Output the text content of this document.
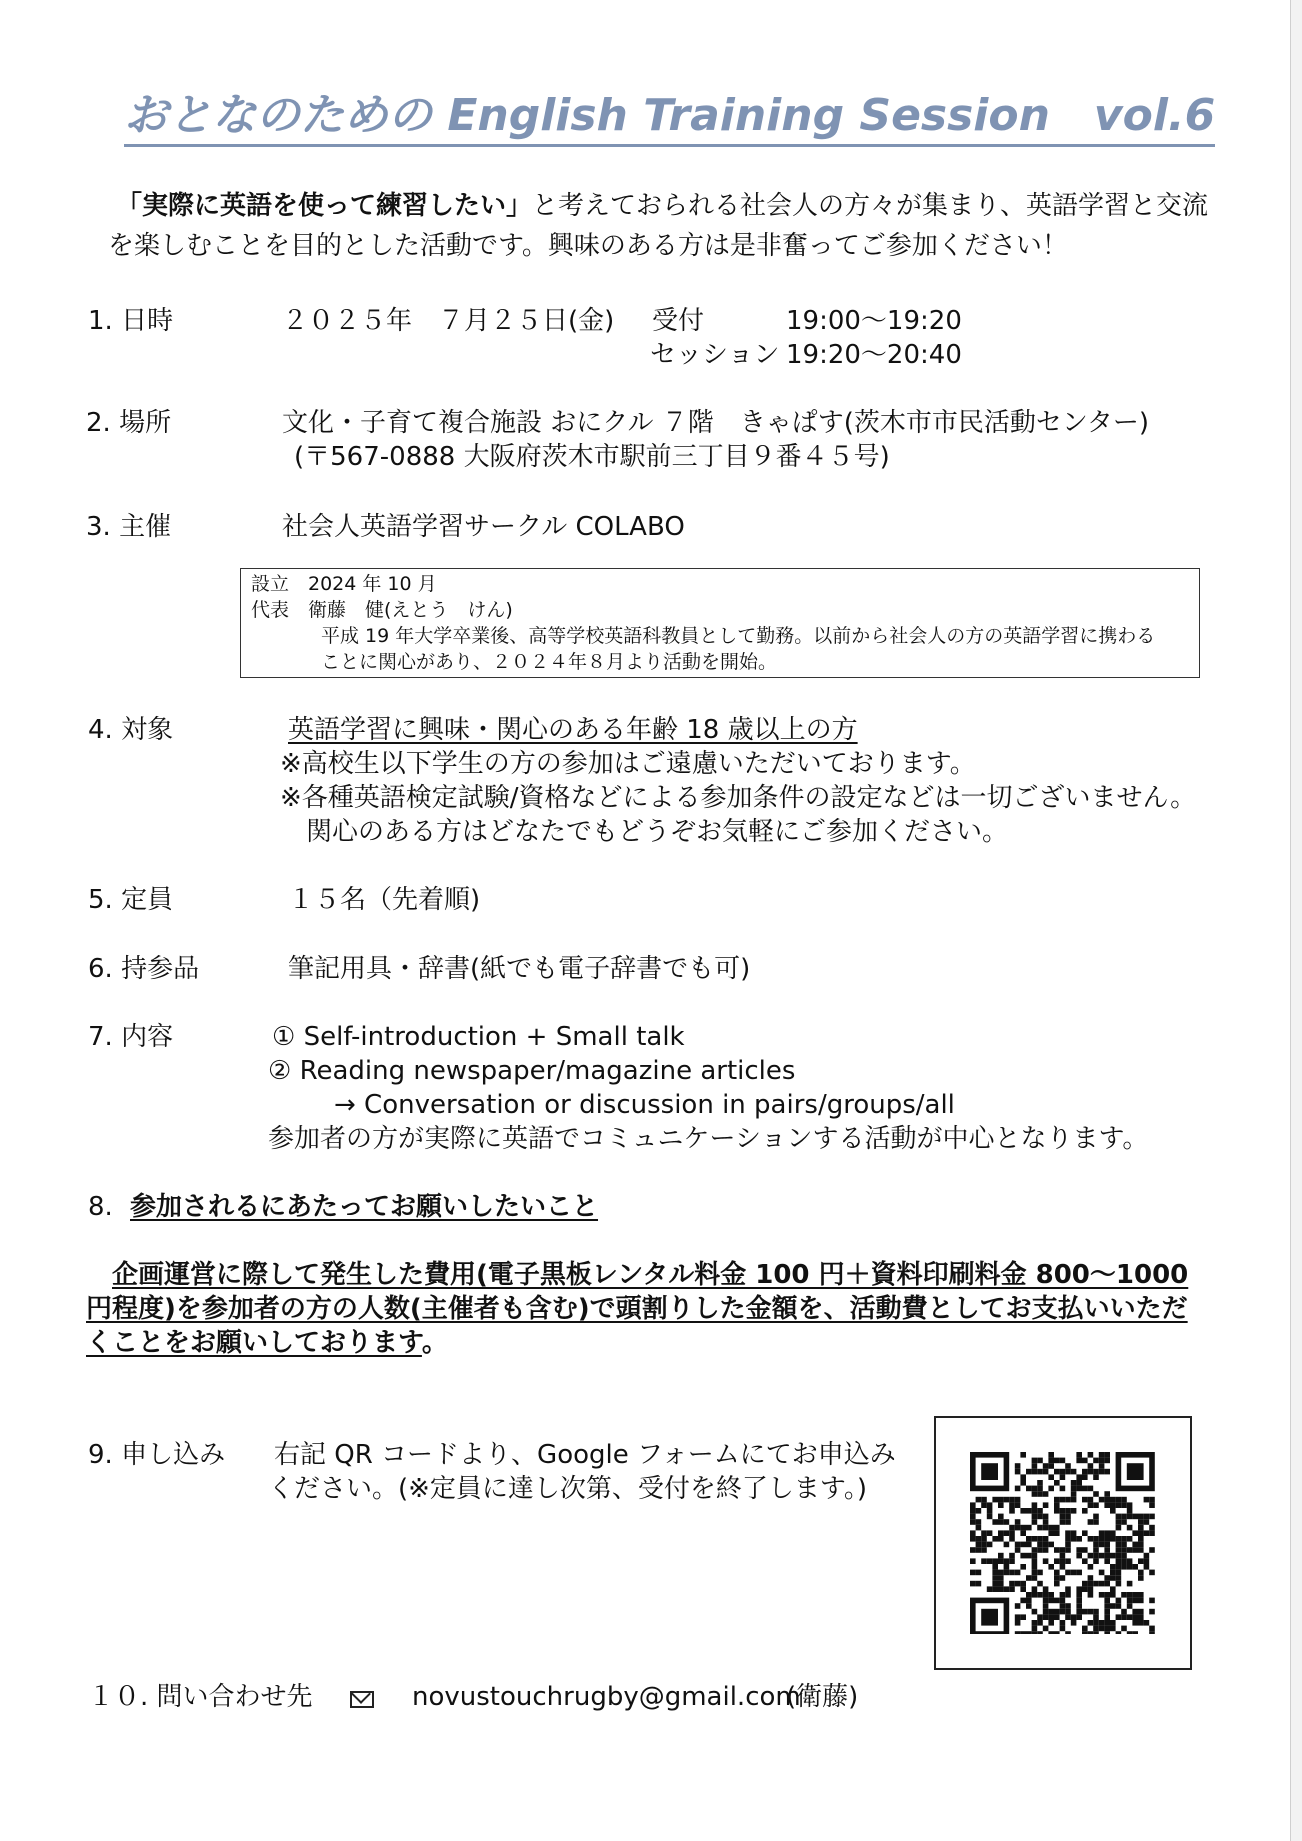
おとなのための English Training Session　vol.6
「実際に英語を使って練習したい」と考えておられる社会人の方々が集まり、英語学習と交流
を楽しむことを目的とした活動です。興味のある方は是非奮ってご参加ください！
1. 日時	２０２５年　７月２５日(金) 受付	19:00～19:20
セッション 19:20～20:40
2. 場所	文化・子育て複合施設 おにクル ７階　きゃぱす(茨木市市民活動センター)
(〒567-0888 大阪府茨木市駅前三丁目９番４５号)
3. 主催	社会人英語学習サークル COLABO
設立　2024 年 10 月
代表　衛藤　健(えとう　けん)
平成 19 年大学卒業後、高等学校英語科教員として勤務。以前から社会人の方の英語学習に携わる
ことに関心があり、２０２４年８月より活動を開始。
4. 対象	英語学習に興味・関心のある年齢 18 歳以上の方
※高校生以下学生の方の参加はご遠慮いただいております。
※各種英語検定試験/資格などによる参加条件の設定などは一切ございません。
関心のある方はどなたでもどうぞお気軽にご参加ください。
5. 定員	１５名（先着順)
6. 持参品	筆記用具・辞書(紙でも電子辞書でも可)
7. 内容	① Self-introduction + Small talk
② Reading newspaper/magazine articles
→ Conversation or discussion in pairs/groups/all
参加者の方が実際に英語でコミュニケーションする活動が中心となります。
8. 参加されるにあたってお願いしたいこと
企画運営に際して発生した費用(電子黒板レンタル料金 100 円＋資料印刷料金 800～1000
円程度)を参加者の方の人数(主催者も含む)で頭割りした金額を、活動費としてお支払いいただ
くことをお願いしております。
9. 申し込み 右記 QR コードより、Google フォームにてお申込み
ください。(※定員に達し次第、受付を終了します。)
１０. 問い合わせ先	novustouchrugby@gmail.com
(衛藤)
